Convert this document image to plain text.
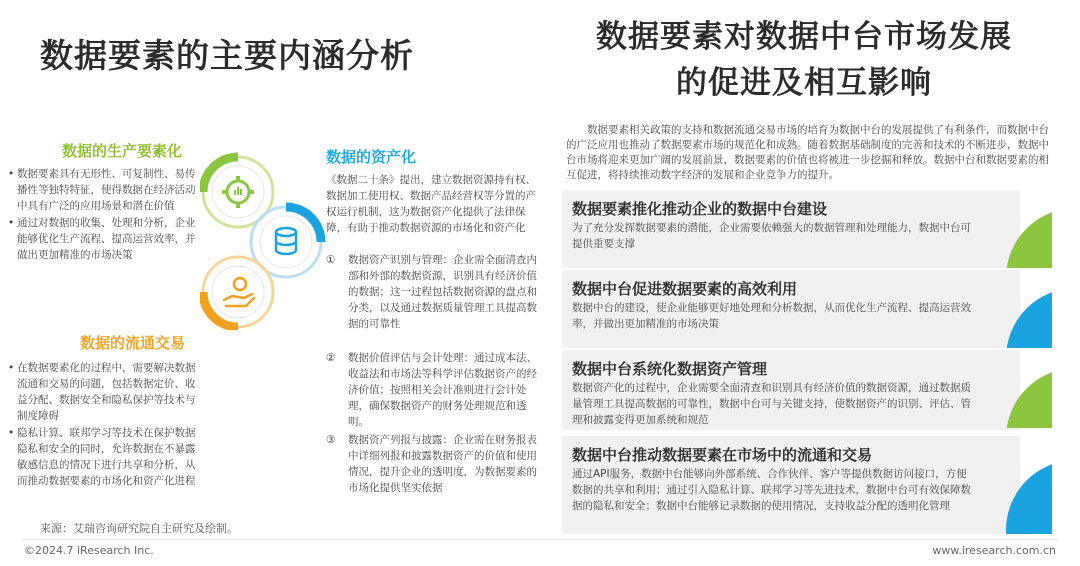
数据要素的主要内涵分析	数据要素对数据中台市场发展
的促进及相互影响
数据的生产要素化
• 数据要素具有无形性、可复制性、易传播性等独特特征，使得数据在经济活动中具有广泛的应用场景和潜在价值
• 通过对数据的收集、处理和分析，企业能够优化生产流程、提高运营效率，并做出更加精准的市场决策
数据的流通交易
• 在数据要素化的过程中，需要解决数据流通和交易的问题，包括数据定价、收益分配、数据安全和隐私保护等技术与制度障碍
• 隐私计算、联邦学习等技术在保护数据隐私和安全的同时，允许数据在不暴露敏感信息的情况下进行共享和分析，从而推动数据要素的市场化和资产化进程
数据的资产化
《数据二十条》提出，建立数据资源持有权、数据加工使用权、数据产品经营权等分置的产权运行机制，这为数据资产化提供了法律保障，有助于推动数据资源的市场化和资产化
① 数据资产识别与管理：企业需全面清查内部和外部的数据资源，识别具有经济价值的数据；这一过程包括数据资源的盘点和分类，以及通过数据质量管理工具提高数据的可靠性
② 数据价值评估与会计处理：通过成本法、收益法和市场法等科学评估数据资产的经济价值；按照相关会计准则进行会计处理，确保数据资产的财务处理规范和透明。
③ 数据资产列报与披露：企业需在财务报表中详细列报和披露数据资产的价值和使用情况，提升企业的透明度，为数据要素的市场化提供坚实依据
数据要素相关政策的支持和数据流通交易市场的培育为数据中台的发展提供了有利条件，而数据中台的广泛应用也推动了数据要素市场的规范化和成熟。随着数据基础制度的完善和技术的不断进步，数据中台市场将迎来更加广阔的发展前景，数据要素的价值也将被进一步挖掘和释放。数据中台和数据要素的相互促进，将持续推动数字经济的发展和企业竞争力的提升。
数据要素推化推动企业的数据中台建设
为了充分发挥数据要素的潜能，企业需要依赖强大的数据管理和处理能力，数据中台可提供重要支撑
数据中台促进数据要素的高效利用
数据中台的建设，使企业能够更好地处理和分析数据，从而优化生产流程、提高运营效率，并做出更加精准的市场决策
数据中台系统化数据资产管理
数据资产化的过程中，企业需要全面清查和识别具有经济价值的数据资源，通过数据质量管理工具提高数据的可靠性，数据中台可与关键支持，使数据资产的识别、评估、管理和披露变得更加系统和规范
数据中台推动数据要素在市场中的流通和交易
通过API服务，数据中台能够向外部系统、合作伙伴、客户等提供数据访问接口，方便数据的共享和利用；通过引入隐私计算、联邦学习等先进技术，数据中台可有效保障数据的隐私和安全；数据中台能够记录数据的使用情况，支持收益分配的透明化管理
来源：艾瑞咨询研究院自主研究及绘制。
©2024.7 iResearch Inc.	www.iresearch.com.cn
